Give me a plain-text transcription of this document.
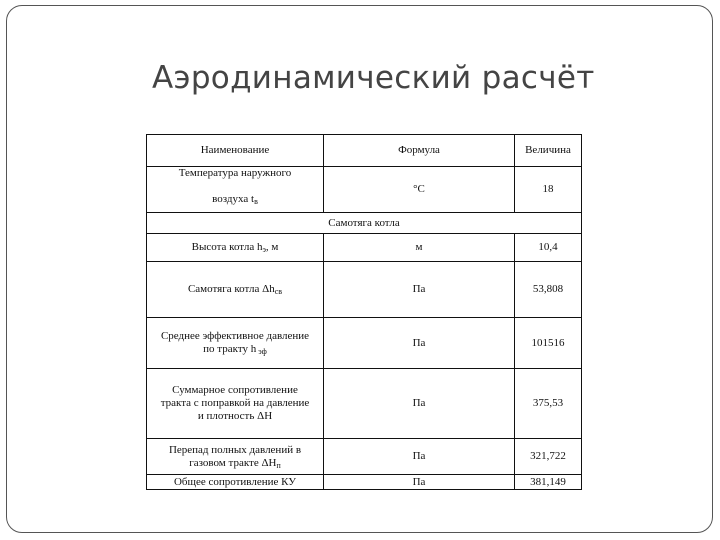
Аэродинамический расчёт
Наименование	Формула	Величина
Температура наружного
воздуха $t_в$	°C	18
Самотяга котла		
Высота котла $h_э$, м	м	10,4
Самотяга котла $\Delta h_{cв}$	Па	53,808
Среднее эффективное давление
по тракту h $_{эф}$	Па	101516
Суммарное сопротивление
тракта с поправкой на давление
и плотность ΔH	Па	375,53
Перепад полных давлений в
газовом тракте $\Delta H_п$	Па	321,722
Общее сопротивление КУ	Па	381,149
